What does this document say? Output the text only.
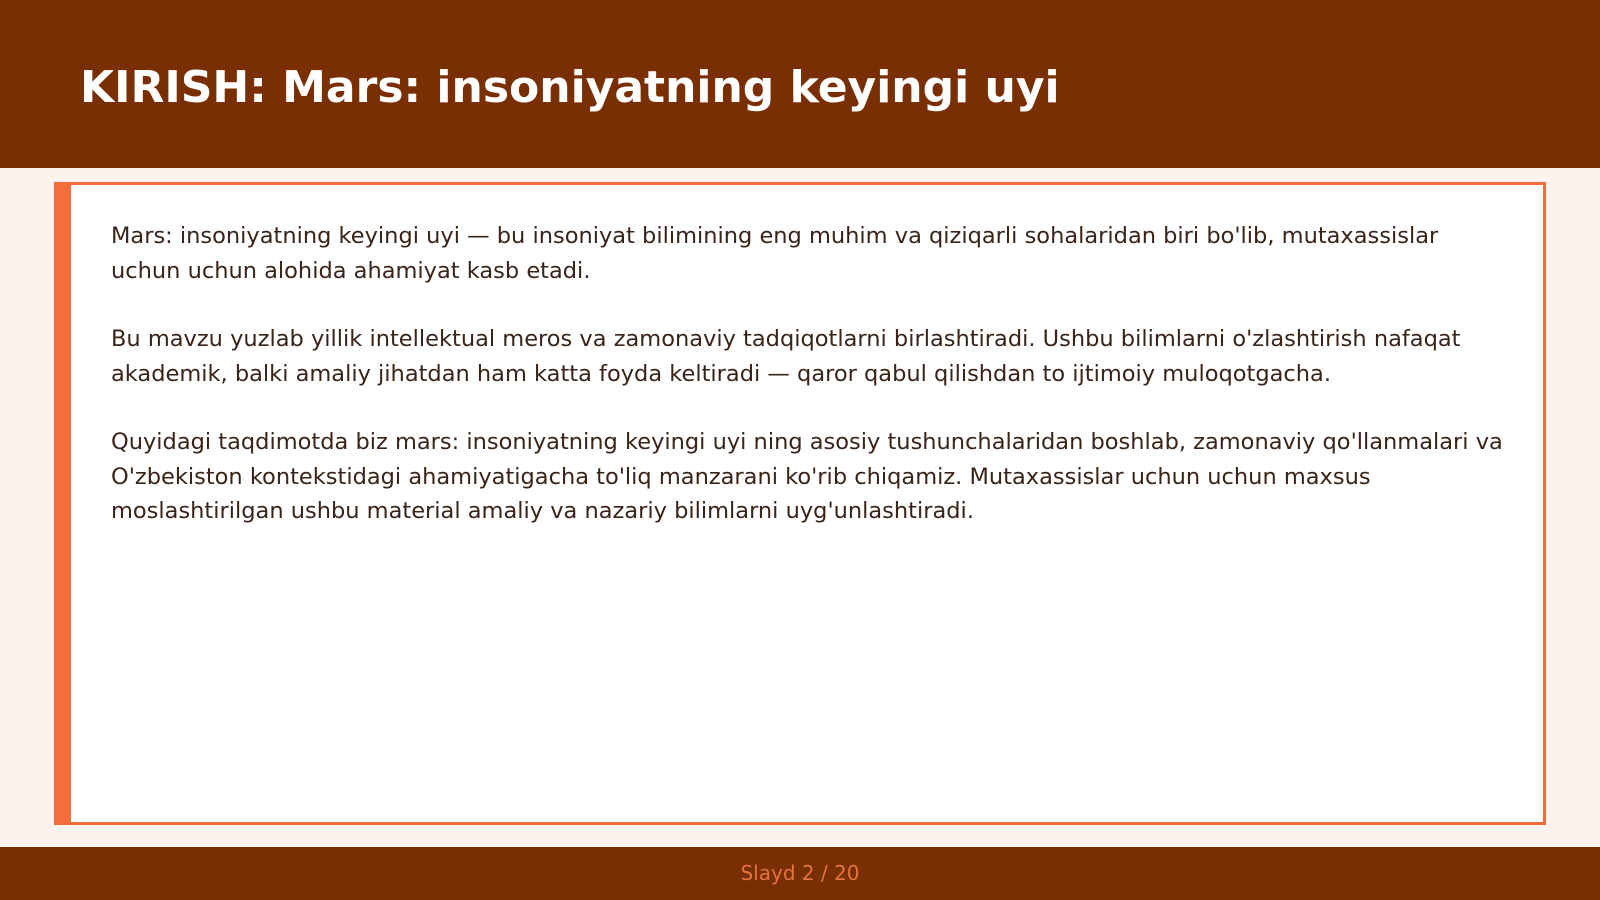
KIRISH: Mars: insoniyatning keyingi uyi

Mars: insoniyatning keyingi uyi — bu insoniyat bilimining eng muhim va qiziqarli sohalaridan biri bo'lib, mutaxassislar uchun uchun alohida ahamiyat kasb etadi.

Bu mavzu yuzlab yillik intellektual meros va zamonaviy tadqiqotlarni birlashtiradi. Ushbu bilimlarni o'zlashtirish nafaqat akademik, balki amaliy jihatdan ham katta foyda keltiradi — qaror qabul qilishdan to ijtimoiy muloqotgacha.

Quyidagi taqdimotda biz mars: insoniyatning keyingi uyi ning asosiy tushunchalaridan boshlab, zamonaviy qo'llanmalari va O'zbekiston kontekstidagi ahamiyatigacha to'liq manzarani ko'rib chiqamiz. Mutaxassislar uchun uchun maxsus moslashtirilgan ushbu material amaliy va nazariy bilimlarni uyg'unlashtiradi.

Slayd 2 / 20
